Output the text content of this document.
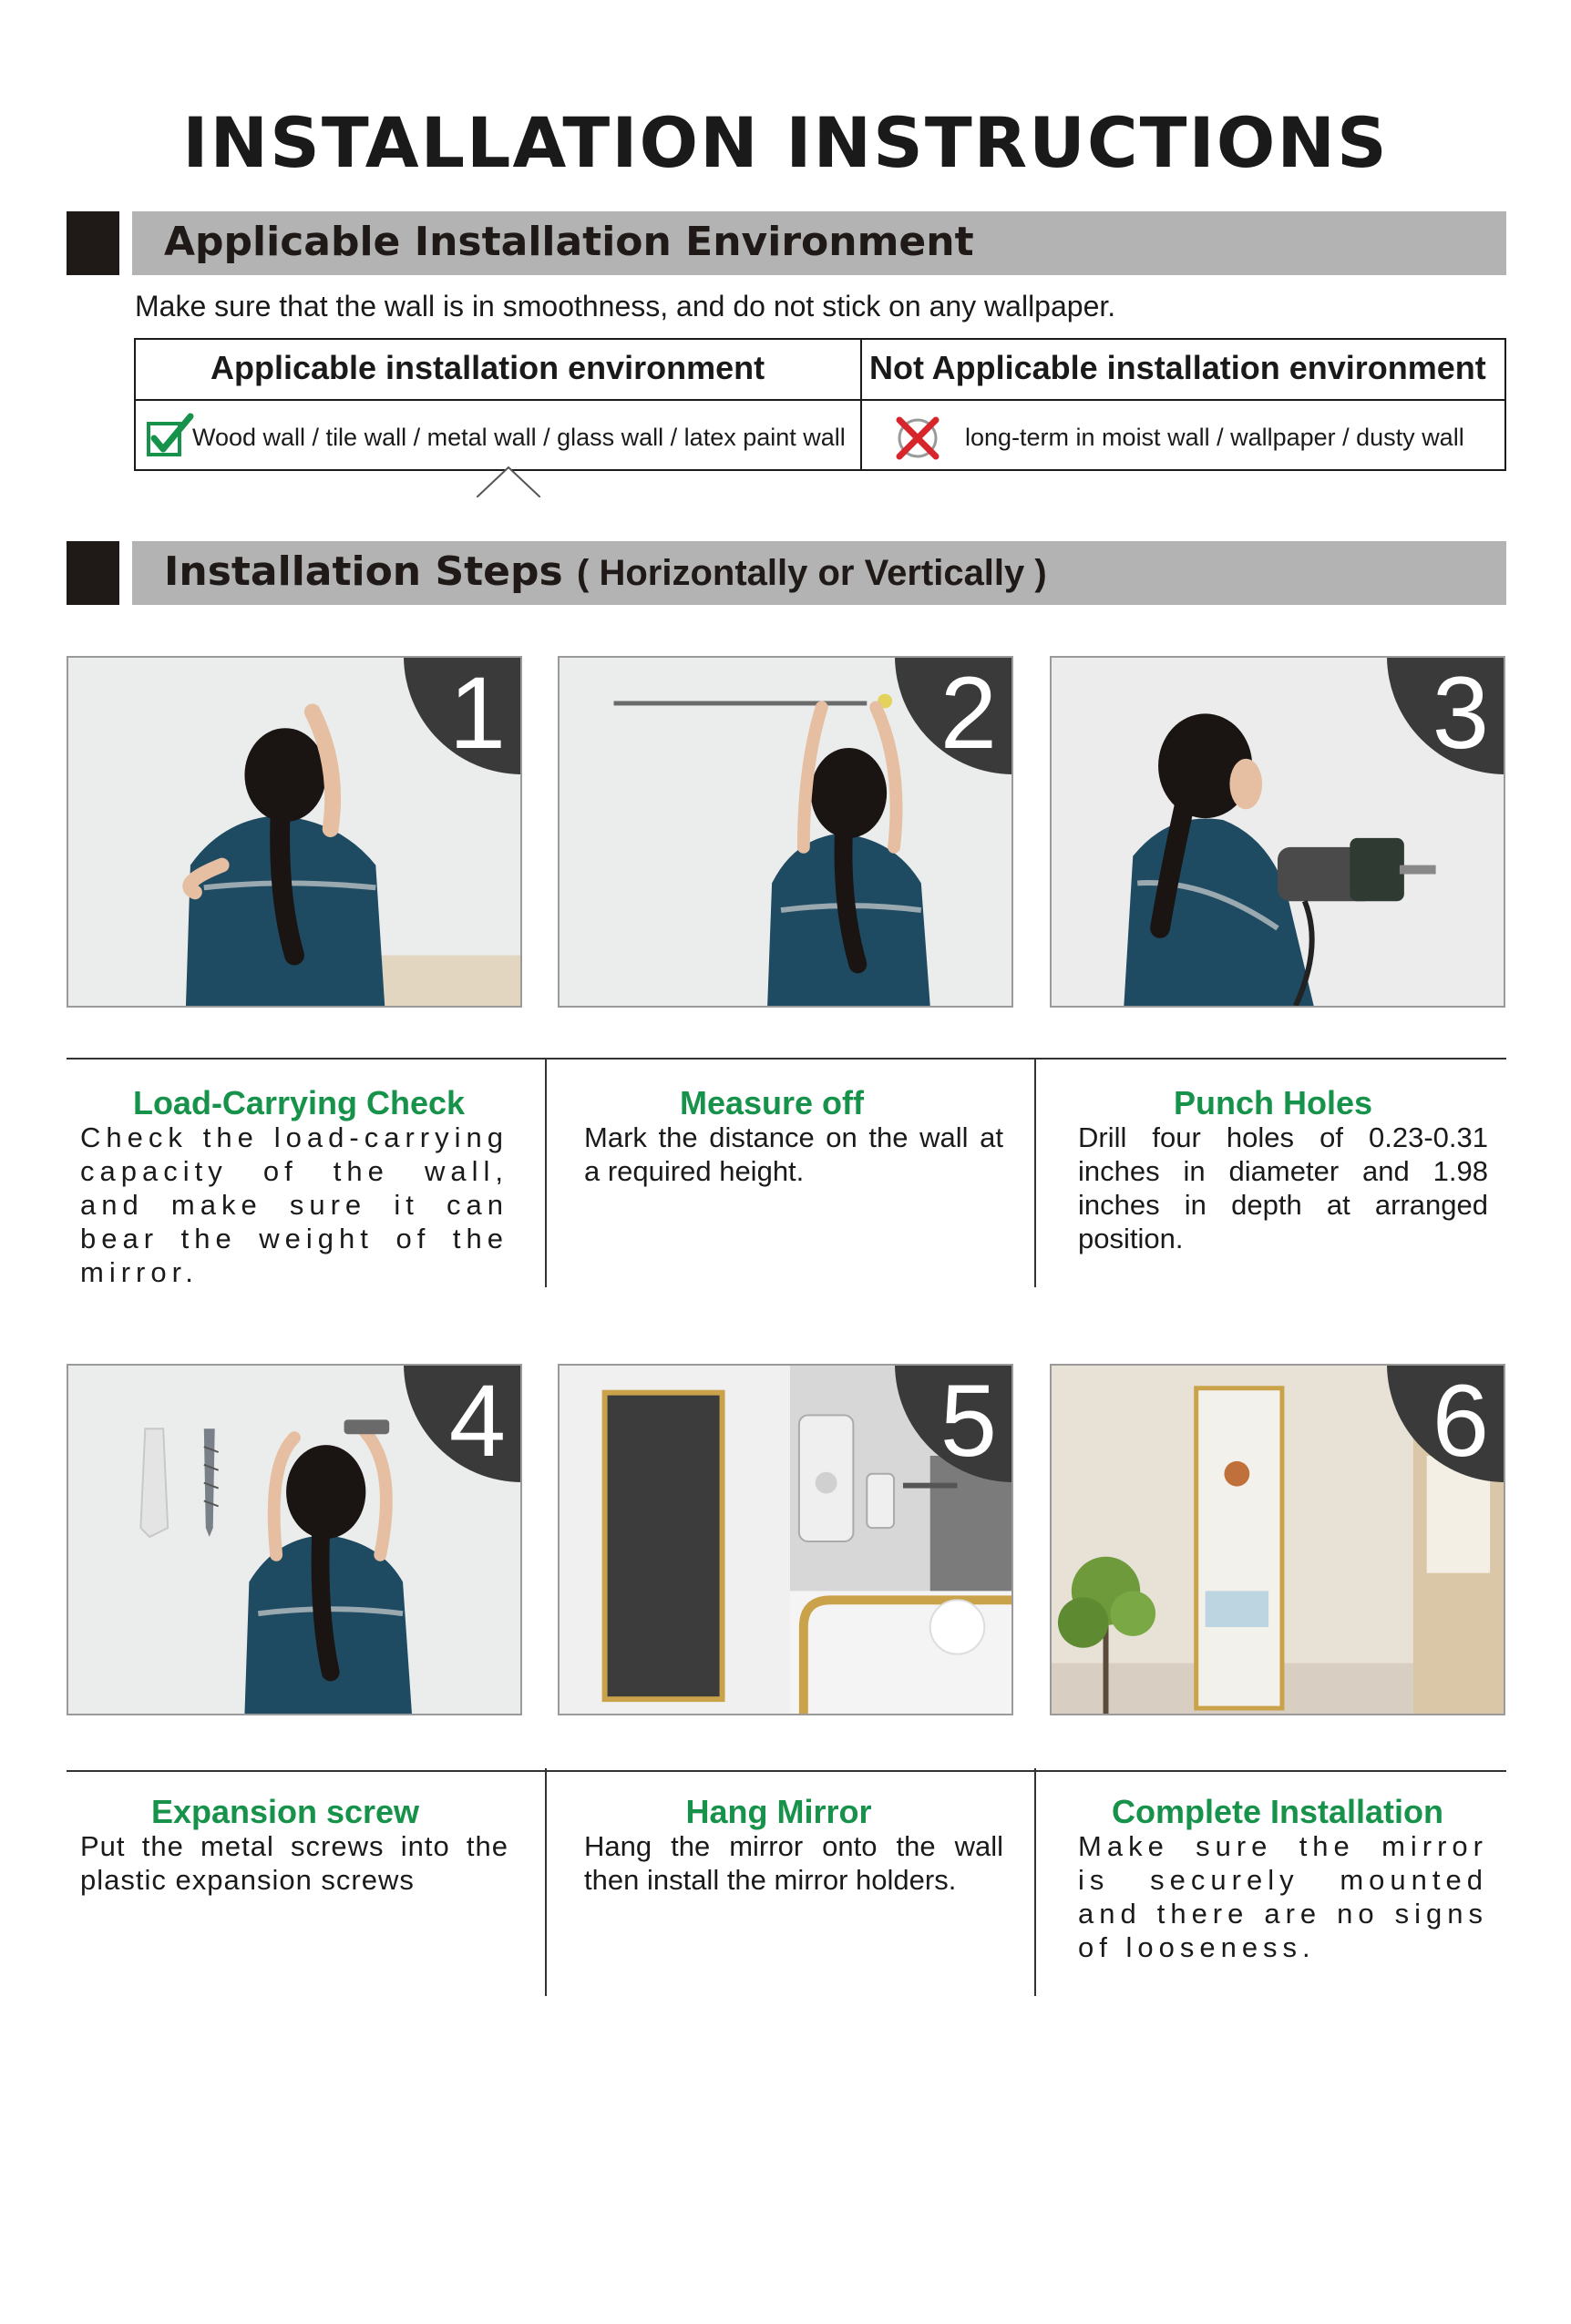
INSTALLATION INSTRUCTIONS
Applicable Installation Environment
Make sure that the wall is in smoothness, and do not stick on any wallpaper.
Applicable installation environment	Not Applicable installation environment
Wood wall / tile wall / metal wall / glass wall / latex paint wall	long-term in moist wall / wallpaper / dusty wall
Installation Steps ( Horizontally or Vertically )
1	2	3
Load-Carrying Check
Check the load-carrying capacity of the wall, and make sure it can bear the weight of the mirror.
Measure off
Mark the distance on the wall at a required height.
Punch Holes
Drill four holes of 0.23-0.31 inches in diameter and 1.98 inches in depth at arranged position.
4	5	6
Expansion screw
Put the metal screws into the plastic expansion screws
Hang Mirror
Hang the mirror onto the wall then install the mirror holders.
Complete Installation
Make sure the mirror is securely mounted and there are no signs of looseness.
